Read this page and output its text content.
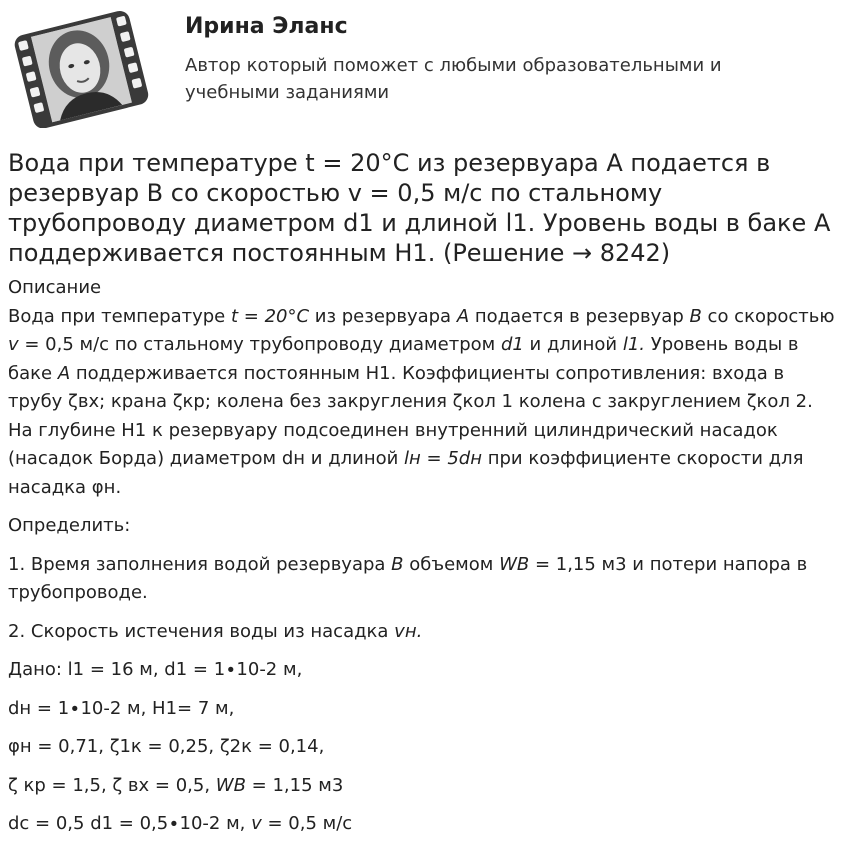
Ирина Эланс
Автор который поможет с любыми образовательными и учебными заданиями
Вода при температуре t = 20°С из резервуара А подается в резервуар В со скоростью v = 0,5 м/с по стальному трубопроводу диаметром d1 и длиной l1. Уровень воды в баке А поддерживается постоянным Н1. (Решение → 8242)
Описание

Вода при температуре t = 20°С из резервуара А подается в резервуар В со скоростью v = 0,5 м/с по стальному трубопроводу диаметром d1 и длиной l1. Уровень воды в баке А поддерживается постоянным Н1. Коэффициенты сопротивления: входа в трубу ζвх; крана ζкр; колена без закругления ζкол 1 колена с закруглением ζкол 2. На глубине Н1 к резервуару подсоединен внутренний цилиндрический насадок (насадок Борда) диаметром dн и длиной lн = 5dн при коэффициенте скорости для насадка φн.

Определить:

1. Время заполнения водой резервуара В объемом WВ = 1,15 м3 и потери напора в трубопроводе.

2. Скорость истечения воды из насадка vн.

Дано: l1 = 16 м, d1 = 1∙10-2 м,

dн = 1∙10-2 м, Н1= 7 м,

φн = 0,71, ζ1к = 0,25, ζ2к = 0,14,

ζ кр = 1,5, ζ вх = 0,5, WВ = 1,15 м3

dс = 0,5 d1 = 0,5∙10-2 м, v = 0,5 м/с
